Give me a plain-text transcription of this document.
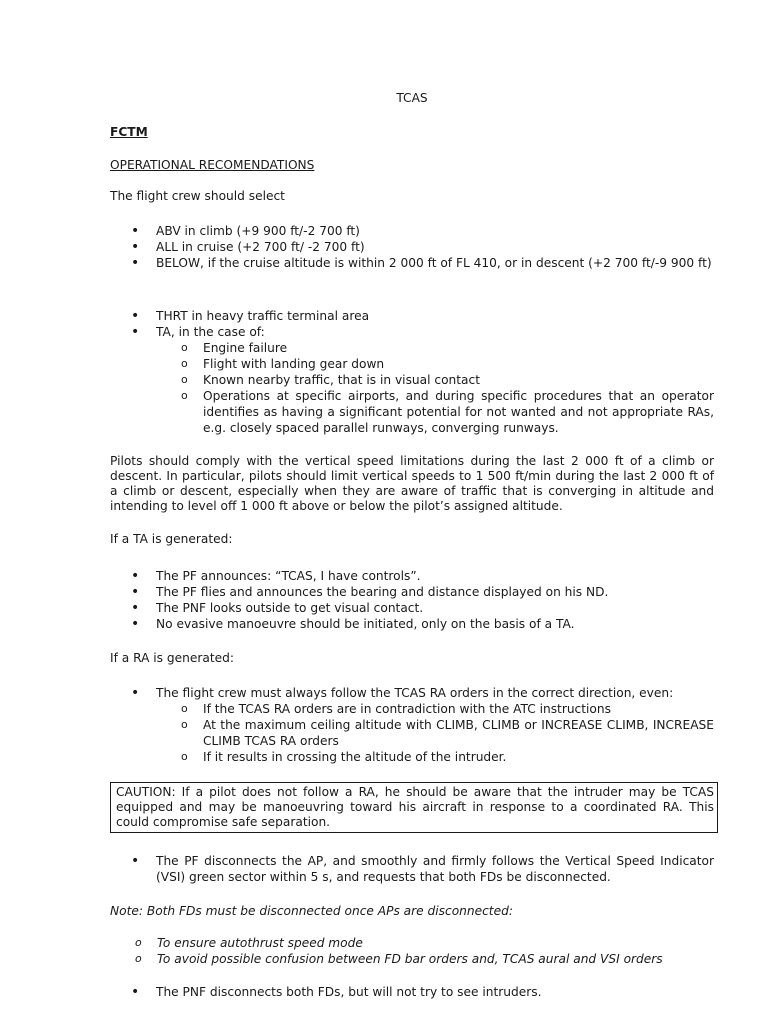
TCAS
FCTM
OPERATIONAL RECOMENDATIONS
The flight crew should select
• ABV in climb (+9 900 ft/-2 700 ft)
• ALL in cruise (+2 700 ft/ -2 700 ft)
• BELOW, if the cruise altitude is within 2 000 ft of FL 410, or in descent (+2 700 ft/-9 900 ft)
• THRT in heavy traffic terminal area
• TA, in the case of:
o Engine failure
o Flight with landing gear down
o Known nearby traffic, that is in visual contact
o Operations at specific airports, and during specific procedures that an operator identifies as having a significant potential for not wanted and not appropriate RAs, e.g. closely spaced parallel runways, converging runways.
Pilots should comply with the vertical speed limitations during the last 2 000 ft of a climb or descent. In particular, pilots should limit vertical speeds to 1 500 ft/min during the last 2 000 ft of a climb or descent, especially when they are aware of traffic that is converging in altitude and intending to level off 1 000 ft above or below the pilot’s assigned altitude.
If a TA is generated:
• The PF announces: “TCAS, I have controls”.
• The PF flies and announces the bearing and distance displayed on his ND.
• The PNF looks outside to get visual contact.
• No evasive manoeuvre should be initiated, only on the basis of a TA.
If a RA is generated:
• The flight crew must always follow the TCAS RA orders in the correct direction, even:
o If the TCAS RA orders are in contradiction with the ATC instructions
o At the maximum ceiling altitude with CLIMB, CLIMB or INCREASE CLIMB, INCREASE CLIMB TCAS RA orders
o If it results in crossing the altitude of the intruder.
CAUTION: If a pilot does not follow a RA, he should be aware that the intruder may be TCAS equipped and may be manoeuvring toward his aircraft in response to a coordinated RA. This could compromise safe separation.
• The PF disconnects the AP, and smoothly and firmly follows the Vertical Speed Indicator (VSI) green sector within 5 s, and requests that both FDs be disconnected.
Note: Both FDs must be disconnected once APs are disconnected:
o To ensure autothrust speed mode
o To avoid possible confusion between FD bar orders and, TCAS aural and VSI orders
• The PNF disconnects both FDs, but will not try to see intruders.
